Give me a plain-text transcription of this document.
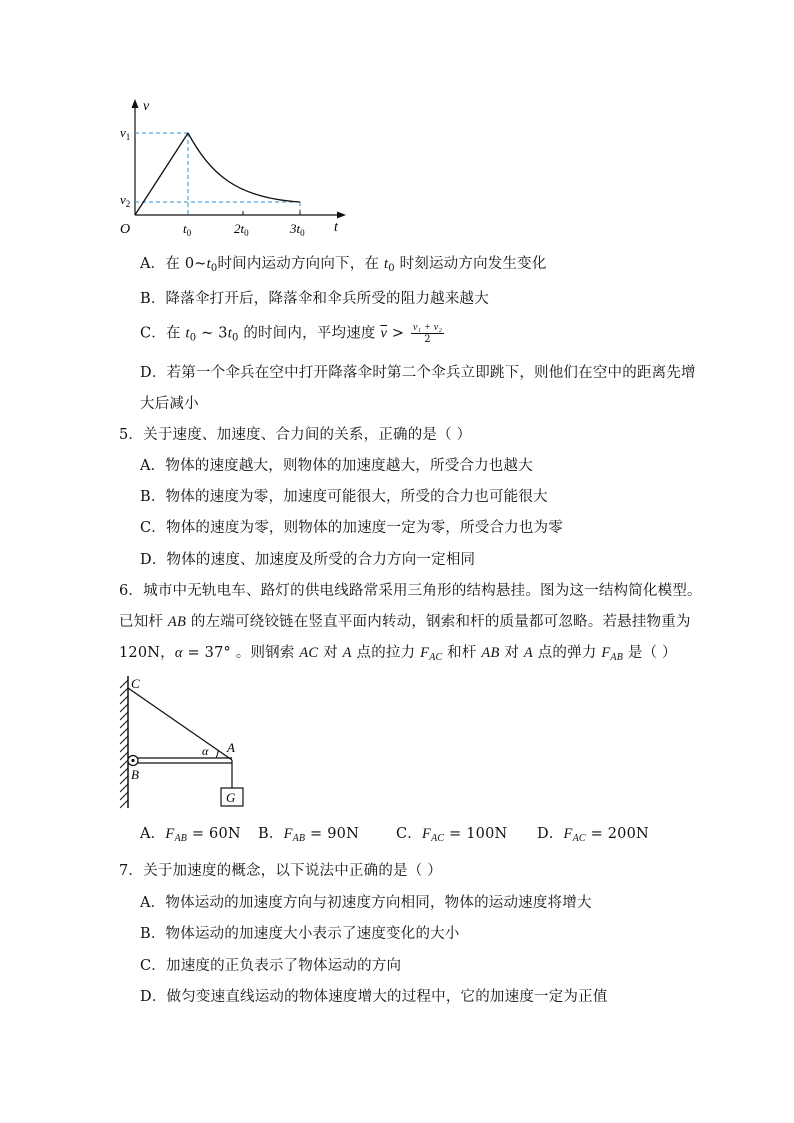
v
t
O
$v_1$
$v_2$
$t_0$	$2t_0$	$3t_0$
A．在 $0\sim t_0$时间内运动方向向下，在 $t_0$ 时刻运动方向发生变化
B．降落伞打开后，降落伞和伞兵所受的阻力越来越大
C．在 $t_0$ ~ $3t_0$ 的时间内，平均速度 $\overline{v} > \frac{\text{v₁ + v₂}}{2}$
D．若第一个伞兵在空中打开降落伞时第二个伞兵立即跳下，则他们在空中的距离先增
大后减小
5．关于速度、加速度、合力间的关系，正确的是（ ）
A．物体的速度越大，则物体的加速度越大，所受合力也越大
B．物体的速度为零，加速度可能很大，所受的合力也可能很大
C．物体的速度为零，则物体的加速度一定为零，所受合力也为零
D．物体的速度、加速度及所受的合力方向一定相同
6．城市中无轨电车、路灯的供电线路常采用三角形的结构悬挂。图为这一结构简化模型。
已知杆 AB 的左端可绕铰链在竖直平面内转动，钢索和杆的质量都可忽略。若悬挂物重为
120N，α = 37° 。则钢索 AC 对 A 点的拉力 $F_{AC}$ 和杆 AB 对 A 点的弹力 $F_{AB}$ 是（ ）
G
C
A
B
α
A．$F_{AB} = 60N$ B．$F_{AB} = 90N$	C．$F_{AC} = 100N$ D．$F_{AC} = 200N$
7．关于加速度的概念，以下说法中正确的是（ ）
A．物体运动的加速度方向与初速度方向相同，物体的运动速度将增大
B．物体运动的加速度大小表示了速度变化的大小
C．加速度的正负表示了物体运动的方向
D．做匀变速直线运动的物体速度增大的过程中，它的加速度一定为正值
